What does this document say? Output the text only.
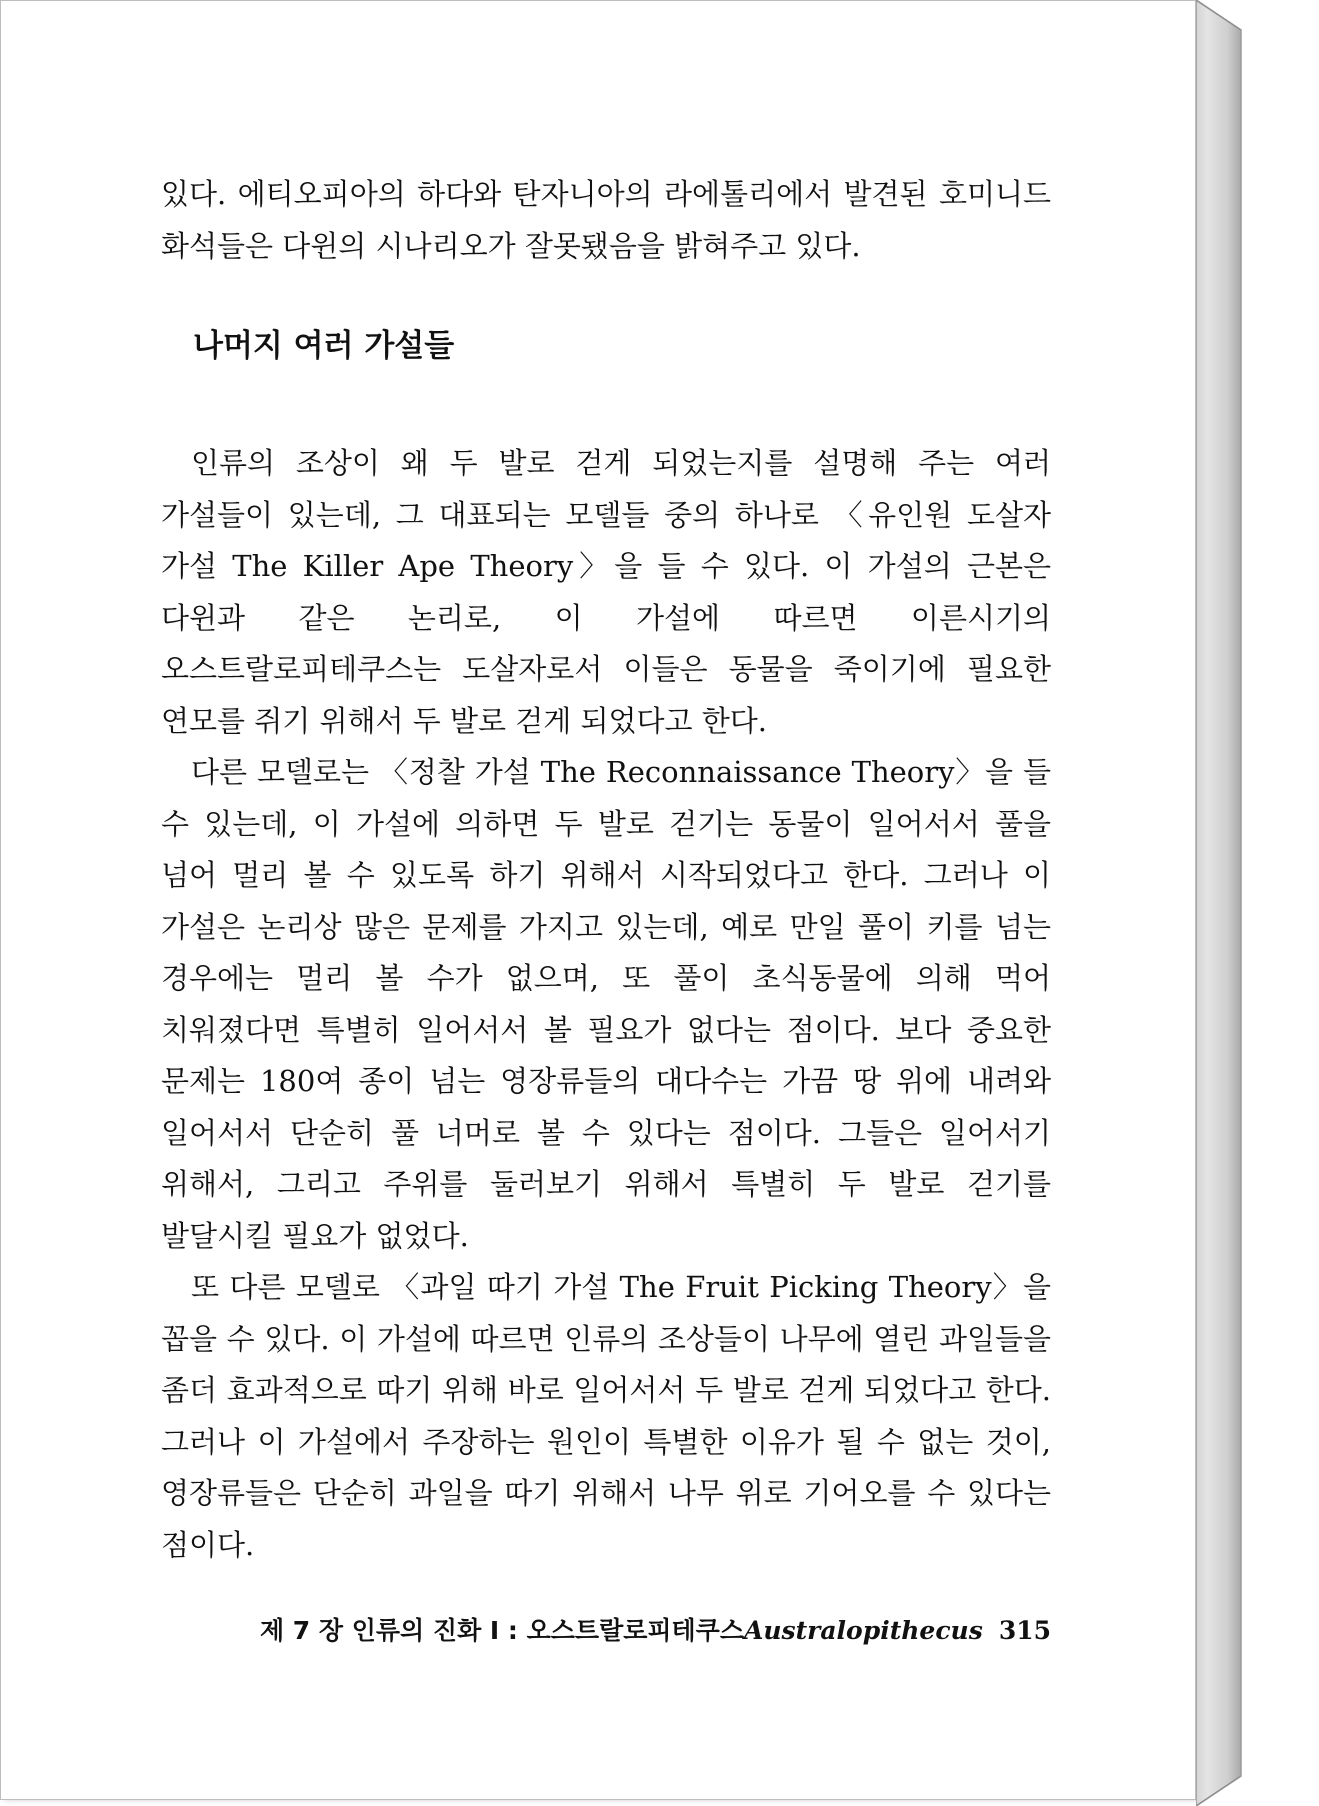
있다. 에티오피아의 하다와 탄자니아의 라에톨리에서 발견된 호미니드 화석들은 다윈의 시나리오가 잘못됐음을 밝혀주고 있다.

나머지 여러 가설들

인류의 조상이 왜 두 발로 걷게 되었는지를 설명해 주는 여러 가설들이 있는데, 그 대표되는 모델들 중의 하나로 〈유인원 도살자 가설 The Killer Ape Theory〉을 들 수 있다. 이 가설의 근본은 다윈과 같은 논리로, 이 가설에 따르면 이른시기의 오스트랄로피테쿠스는 도살자로서 이들은 동물을 죽이기에 필요한 연모를 쥐기 위해서 두 발로 걷게 되었다고 한다.

다른 모델로는 〈정찰 가설 The Reconnaissance Theory〉을 들 수 있는데, 이 가설에 의하면 두 발로 걷기는 동물이 일어서서 풀을 넘어 멀리 볼 수 있도록 하기 위해서 시작되었다고 한다. 그러나 이 가설은 논리상 많은 문제를 가지고 있는데, 예로 만일 풀이 키를 넘는 경우에는 멀리 볼 수가 없으며, 또 풀이 초식동물에 의해 먹어 치워졌다면 특별히 일어서서 볼 필요가 없다는 점이다. 보다 중요한 문제는 180여 종이 넘는 영장류들의 대다수는 가끔 땅 위에 내려와 일어서서 단순히 풀 너머로 볼 수 있다는 점이다. 그들은 일어서기 위해서, 그리고 주위를 둘러보기 위해서 특별히 두 발로 걷기를 발달시킬 필요가 없었다.

또 다른 모델로 〈과일 따기 가설 The Fruit Picking Theory〉을 꼽을 수 있다. 이 가설에 따르면 인류의 조상들이 나무에 열린 과일들을 좀더 효과적으로 따기 위해 바로 일어서서 두 발로 걷게 되었다고 한다. 그러나 이 가설에서 주장하는 원인이 특별한 이유가 될 수 없는 것이, 영장류들은 단순히 과일을 따기 위해서 나무 위로 기어오를 수 있다는 점이다.

제 7 장 인류의 진화 Ⅰ : 오스트랄로피테쿠스Australopithecus 315
